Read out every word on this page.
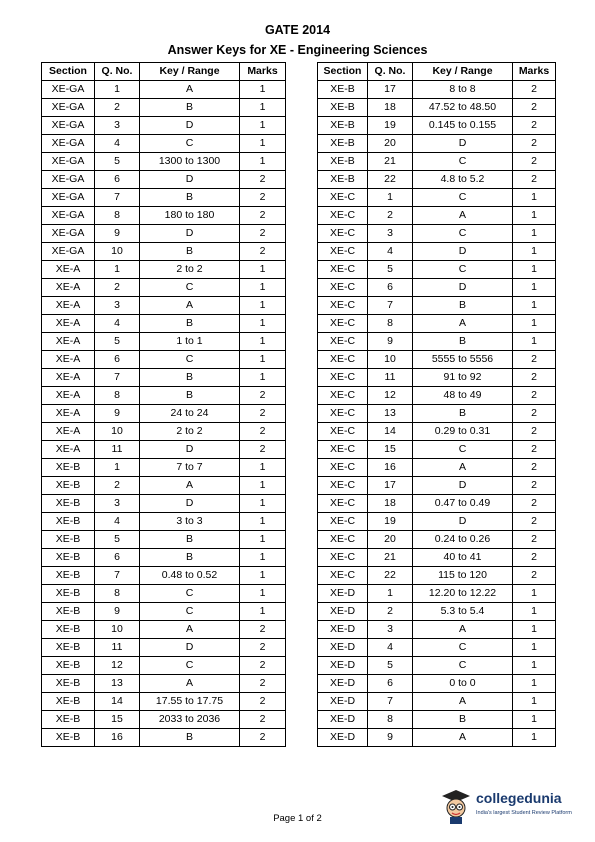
GATE 2014
Answer Keys for XE - Engineering Sciences
Section	Q. No.	Key / Range	Marks
XE-GA	1	A	1
XE-GA	2	B	1
XE-GA	3	D	1
XE-GA	4	C	1
XE-GA	5	1300 to 1300	1
XE-GA	6	D	2
XE-GA	7	B	2
XE-GA	8	180 to 180	2
XE-GA	9	D	2
XE-GA	10	B	2
XE-A	1	2 to 2	1
XE-A	2	C	1
XE-A	3	A	1
XE-A	4	B	1
XE-A	5	1 to 1	1
XE-A	6	C	1
XE-A	7	B	1
XE-A	8	B	2
XE-A	9	24 to 24	2
XE-A	10	2 to 2	2
XE-A	11	D	2
XE-B	1	7 to 7	1
XE-B	2	A	1
XE-B	3	D	1
XE-B	4	3 to 3	1
XE-B	5	B	1
XE-B	6	B	1
XE-B	7	0.48 to 0.52	1
XE-B	8	C	1
XE-B	9	C	1
XE-B	10	A	2
XE-B	11	D	2
XE-B	12	C	2
XE-B	13	A	2
XE-B	14	17.55 to 17.75	2
XE-B	15	2033 to 2036	2
XE-B	16	B	2
Section	Q. No.	Key / Range	Marks
XE-B	17	8 to 8	2
XE-B	18	47.52 to 48.50	2
XE-B	19	0.145 to 0.155	2
XE-B	20	D	2
XE-B	21	C	2
XE-B	22	4.8 to 5.2	2
XE-C	1	C	1
XE-C	2	A	1
XE-C	3	C	1
XE-C	4	D	1
XE-C	5	C	1
XE-C	6	D	1
XE-C	7	B	1
XE-C	8	A	1
XE-C	9	B	1
XE-C	10	5555 to 5556	2
XE-C	11	91 to 92	2
XE-C	12	48 to 49	2
XE-C	13	B	2
XE-C	14	0.29 to 0.31	2
XE-C	15	C	2
XE-C	16	A	2
XE-C	17	D	2
XE-C	18	0.47 to 0.49	2
XE-C	19	D	2
XE-C	20	0.24 to 0.26	2
XE-C	21	40 to 41	2
XE-C	22	115 to 120	2
XE-D	1	12.20 to 12.22	1
XE-D	2	5.3 to 5.4	1
XE-D	3	A	1
XE-D	4	C	1
XE-D	5	C	1
XE-D	6	0 to 0	1
XE-D	7	A	1
XE-D	8	B	1
XE-D	9	A	1
Page 1 of 2
collegedunia
India's largest Student Review Platform
